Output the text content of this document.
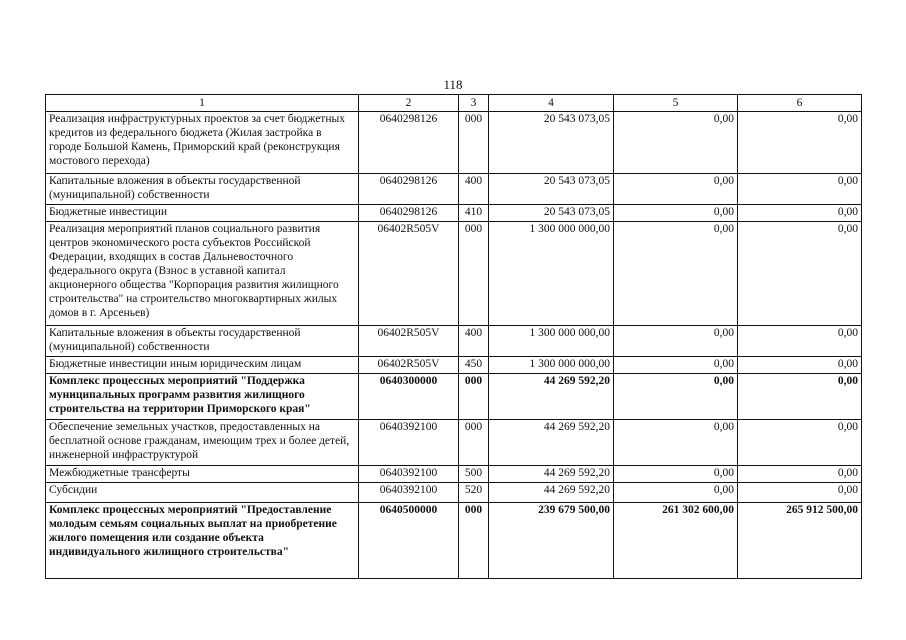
118
1	2	3	4	5	6
Реализация инфраструктурных проектов за счет бюджетных кредитов из федерального бюджета (Жилая застройка в городе Большой Камень, Приморский край (реконструкция мостового перехода)	0640298126	000	20 543 073,05	0,00	0,00
Капитальные вложения в объекты государственной (муниципальной) собственности	0640298126	400	20 543 073,05	0,00	0,00
Бюджетные инвестиции	0640298126	410	20 543 073,05	0,00	0,00
Реализация мероприятий планов социального развития центров экономического роста субъектов Российской Федерации, входящих в состав Дальневосточного федерального округа (Взнос в уставной капитал акционерного общества "Корпорация развития жилищного строительства" на строительство многоквартирных жилых домов в г. Арсеньев)	06402R505V	000	1 300 000 000,00	0,00	0,00
Капитальные вложения в объекты государственной (муниципальной) собственности	06402R505V	400	1 300 000 000,00	0,00	0,00
Бюджетные инвестиции иным юридическим лицам	06402R505V	450	1 300 000 000,00	0,00	0,00
Комплекс процессных мероприятий "Поддержка муниципальных программ развития жилищного строительства на территории Приморского края"	0640300000	000	44 269 592,20	0,00	0,00
Обеспечение земельных участков, предоставленных на бесплатной основе гражданам, имеющим трех и более детей, инженерной инфраструктурой	0640392100	000	44 269 592,20	0,00	0,00
Межбюджетные трансферты	0640392100	500	44 269 592,20	0,00	0,00
Субсидии	0640392100	520	44 269 592,20	0,00	0,00
Комплекс процессных мероприятий "Предоставление молодым семьям социальных выплат на приобретение жилого помещения или создание объекта индивидуального жилищного строительства"	0640500000	000	239 679 500,00	261 302 600,00	265 912 500,00
